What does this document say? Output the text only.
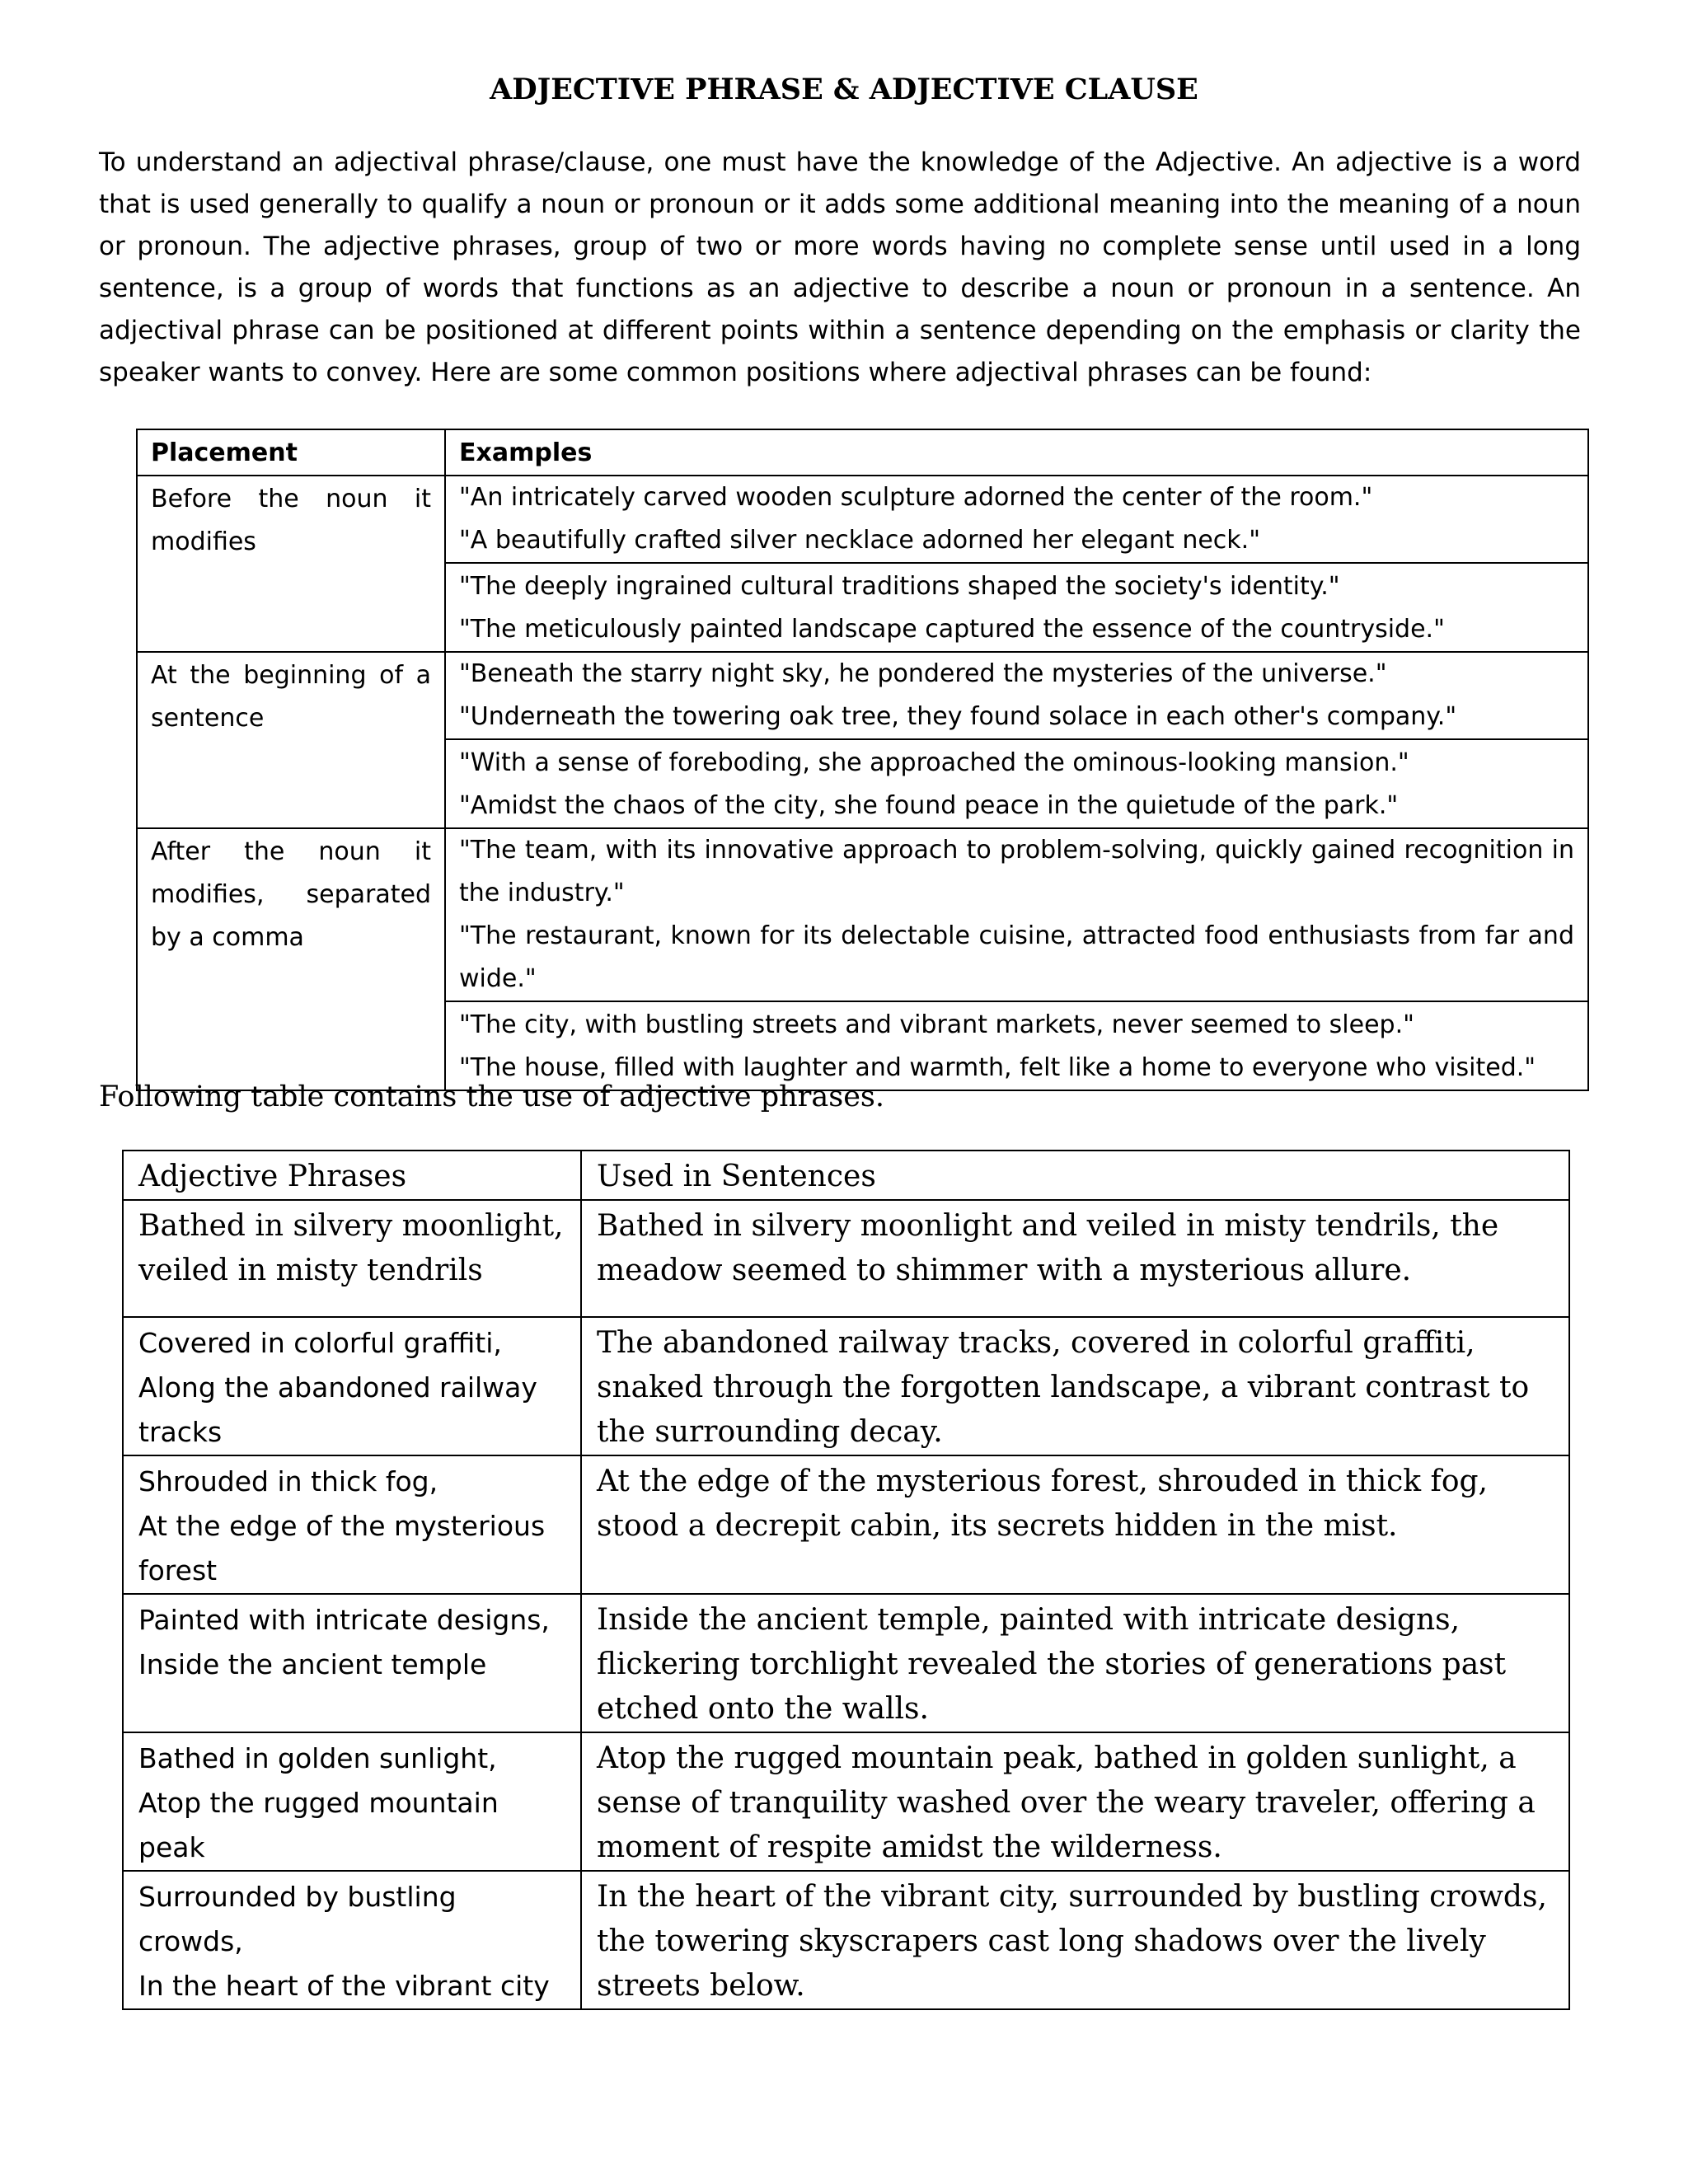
ADJECTIVE PHRASE & ADJECTIVE CLAUSE

To understand an adjectival phrase/clause, one must have the knowledge of the Adjective. An adjective is a word that is used generally to qualify a noun or pronoun or it adds some additional meaning into the meaning of a noun or pronoun. The adjective phrases, group of two or more words having no complete sense until used in a long sentence, is a group of words that functions as an adjective to describe a noun or pronoun in a sentence. An adjectival phrase can be positioned at different points within a sentence depending on the emphasis or clarity the speaker wants to convey. Here are some common positions where adjectival phrases can be found:

Placement	Examples
Before the noun it modifies	"An intricately carved wooden sculpture adorned the center of the room."
"A beautifully crafted silver necklace adorned her elegant neck."
"The deeply ingrained cultural traditions shaped the society's identity."
"The meticulously painted landscape captured the essence of the countryside."

At the beginning of a sentence	"Beneath the starry night sky, he pondered the mysteries of the universe."
"Underneath the towering oak tree, they found solace in each other's company."
"With a sense of foreboding, she approached the ominous-looking mansion."
"Amidst the chaos of the city, she found peace in the quietude of the park."

After the noun it modifies, separated by a comma	"The team, with its innovative approach to problem-solving, quickly gained recognition in the industry."
"The restaurant, known for its delectable cuisine, attracted food enthusiasts from far and wide."
"The city, with bustling streets and vibrant markets, never seemed to sleep."
"The house, filled with laughter and warmth, felt like a home to everyone who visited."

Following table contains the use of adjective phrases.

Adjective Phrases	Used in Sentences

Bathed in silvery moonlight,
veiled in misty tendrils	Bathed in silvery moonlight and veiled in misty tendrils, the meadow seemed to shimmer with a mysterious allure.

Covered in colorful graffiti,
Along the abandoned railway tracks	The abandoned railway tracks, covered in colorful graffiti, snaked through the forgotten landscape, a vibrant contrast to the surrounding decay.

Shrouded in thick fog,
At the edge of the mysterious forest	At the edge of the mysterious forest, shrouded in thick fog, stood a decrepit cabin, its secrets hidden in the mist.

Painted with intricate designs,
Inside the ancient temple	Inside the ancient temple, painted with intricate designs, flickering torchlight revealed the stories of generations past etched onto the walls.

Bathed in golden sunlight,
Atop the rugged mountain peak	Atop the rugged mountain peak, bathed in golden sunlight, a sense of tranquility washed over the weary traveler, offering a moment of respite amidst the wilderness.

Surrounded by bustling crowds,
In the heart of the vibrant city	In the heart of the vibrant city, surrounded by bustling crowds, the towering skyscrapers cast long shadows over the lively streets below.
